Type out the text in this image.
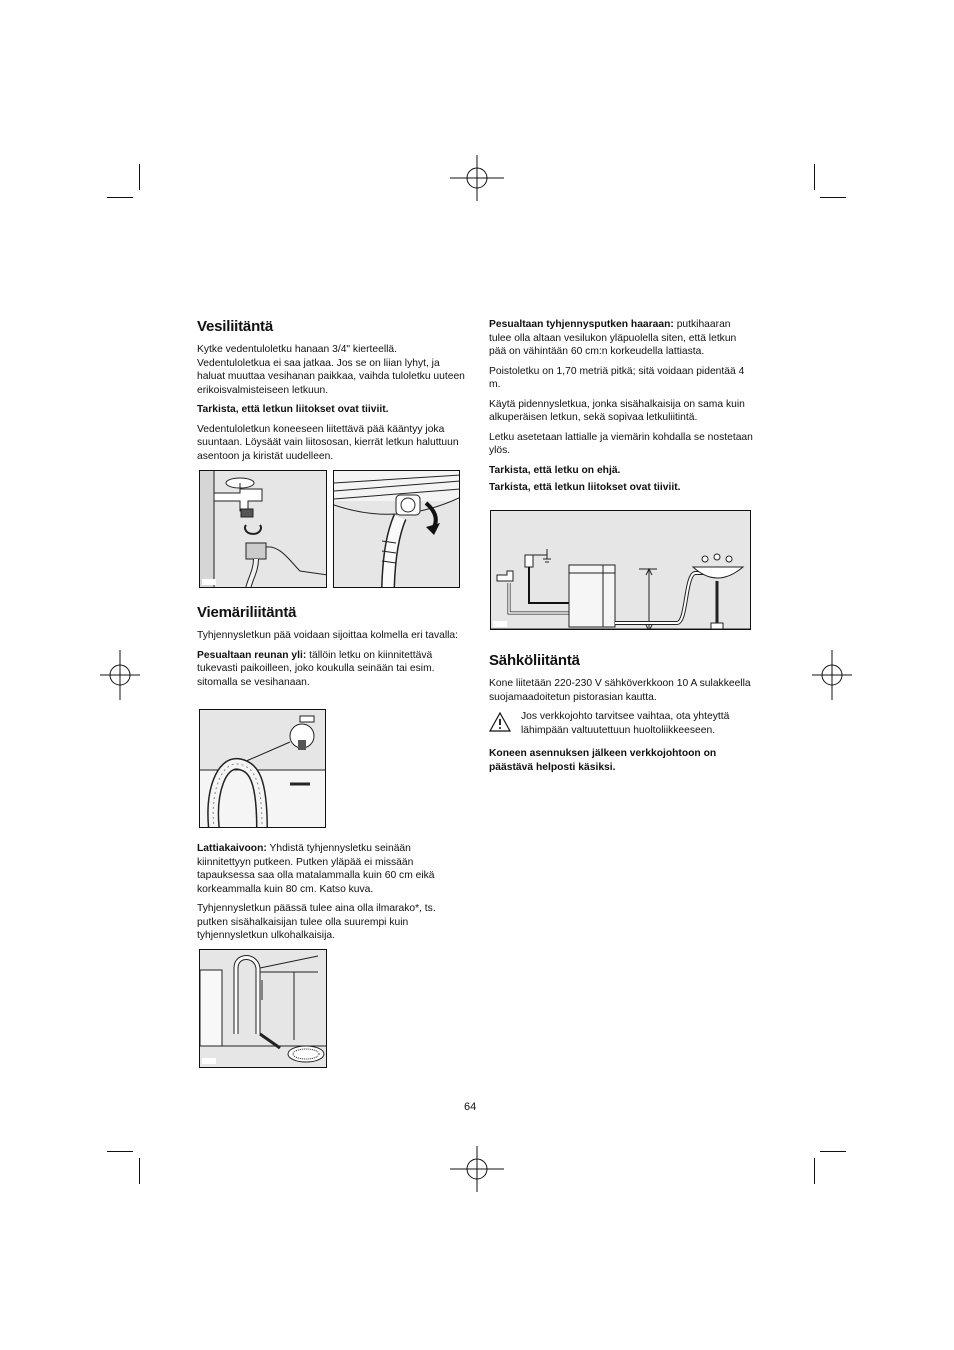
Vesiliitäntä

Kytke vedentuloletku hanaan 3/4" kierteellä. Vedentuloletkua ei saa jatkaa. Jos se on liian lyhyt, ja haluat muuttaa vesihanan paikkaa, vaihda tuloletku uuteen erikoisvalmisteiseen letkuun.

Tarkista, että letkun liitokset ovat tiiviit.

Vedentuloletkun koneeseen liitettävä pää kääntyy joka suuntaan. Löysäät vain liitososan, kierrät letkun haluttuun asentoon ja kiristät uudelleen.

Viemäriliitäntä

Tyhjennysletkun pää voidaan sijoittaa kolmella eri tavalla:

Pesualtaan reunan yli: tällöin letku on kiinnitettävä tukevasti paikoilleen, joko koukulla seinään tai esim. sitomalla se vesihanaan.

Lattiakaivoon: Yhdistä tyhjennysletku seinään kiinnitettyyn putkeen. Putken yläpää ei missään tapauksessa saa olla matalammalla kuin 60 cm eikä korkeammalla kuin 80 cm. Katso kuva.

Tyhjennysletkun päässä tulee aina olla ilmarako*, ts. putken sisähalkaisijan tulee olla suurempi kuin tyhjennysletkun ulkohalkaisija.

Pesualtaan tyhjennysputken haaraan: putkihaaran tulee olla altaan vesilukon yläpuolella siten, että letkun pää on vähintään 60 cm:n korkeudella lattiasta.

Poistoletku on 1,70 metriä pitkä; sitä voidaan pidentää 4 m.

Käytä pidennysletkua, jonka sisähalkaisija on sama kuin alkuperäisen letkun, sekä sopivaa letkuliitintä.

Letku asetetaan lattialle ja viemärin kohdalla se nostetaan ylös.

Tarkista, että letku on ehjä.

Tarkista, että letkun liitokset ovat tiiviit.

Sähköliitäntä

Kone liitetään 220-230 V sähköverkkoon 10 A sulakkeella suojamaadoitetun pistorasian kautta.

Jos verkkojohto tarvitsee vaihtaa, ota yhteyttä lähimpään valtuutettuun huoltoliikkeeseen.

Koneen asennuksen jälkeen verkkojohtoon on päästävä helposti käsiksi.

64
